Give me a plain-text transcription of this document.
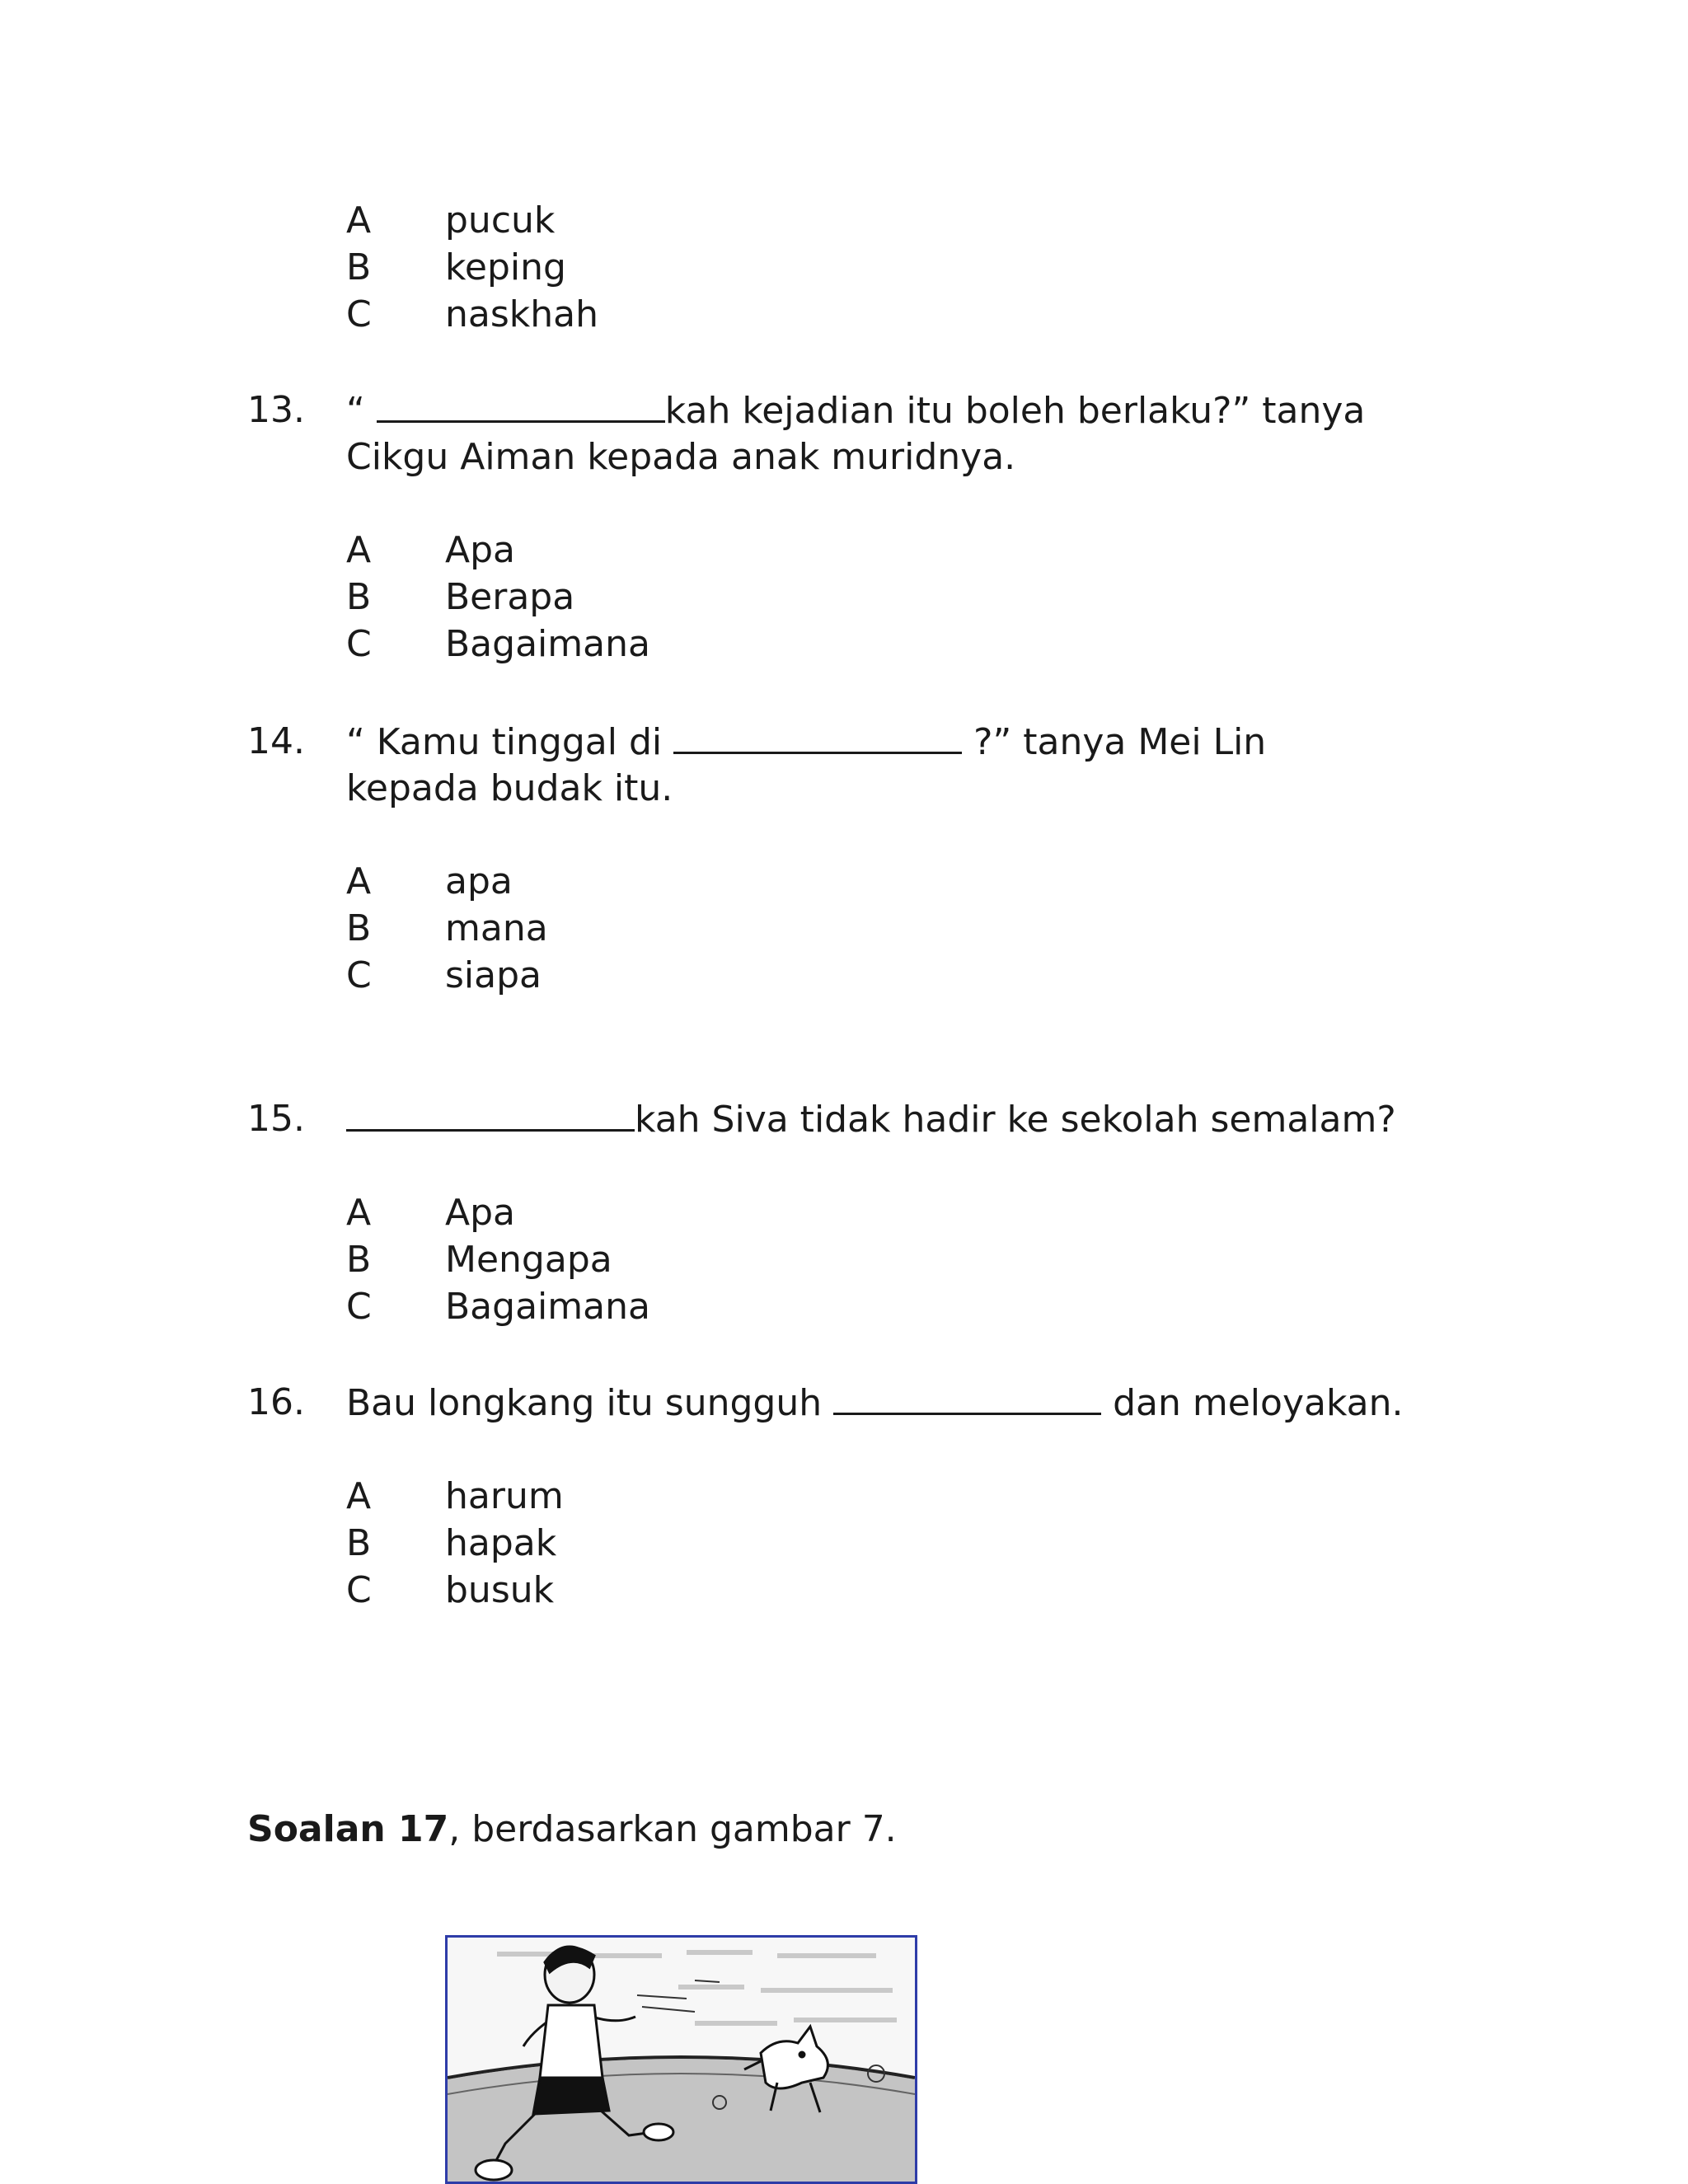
A pucuk
B keping
C naskhah
13. “	kah kejadian itu boleh berlaku?” tanya
Cikgu Aiman kepada anak muridnya.
A Apa
B Berapa
C Bagaimana
14. “ Kamu tinggal di	?” tanya Mei Lin
kepada budak itu.
A apa
B mana
C siapa
15.	kah Siva tidak hadir ke sekolah semalam?
A Apa
B Mengapa
C Bagaimana
16. Bau longkang itu sungguh	dan meloyakan.
A harum
B hapak
C busuk
Soalan 17, berdasarkan gambar 7.
